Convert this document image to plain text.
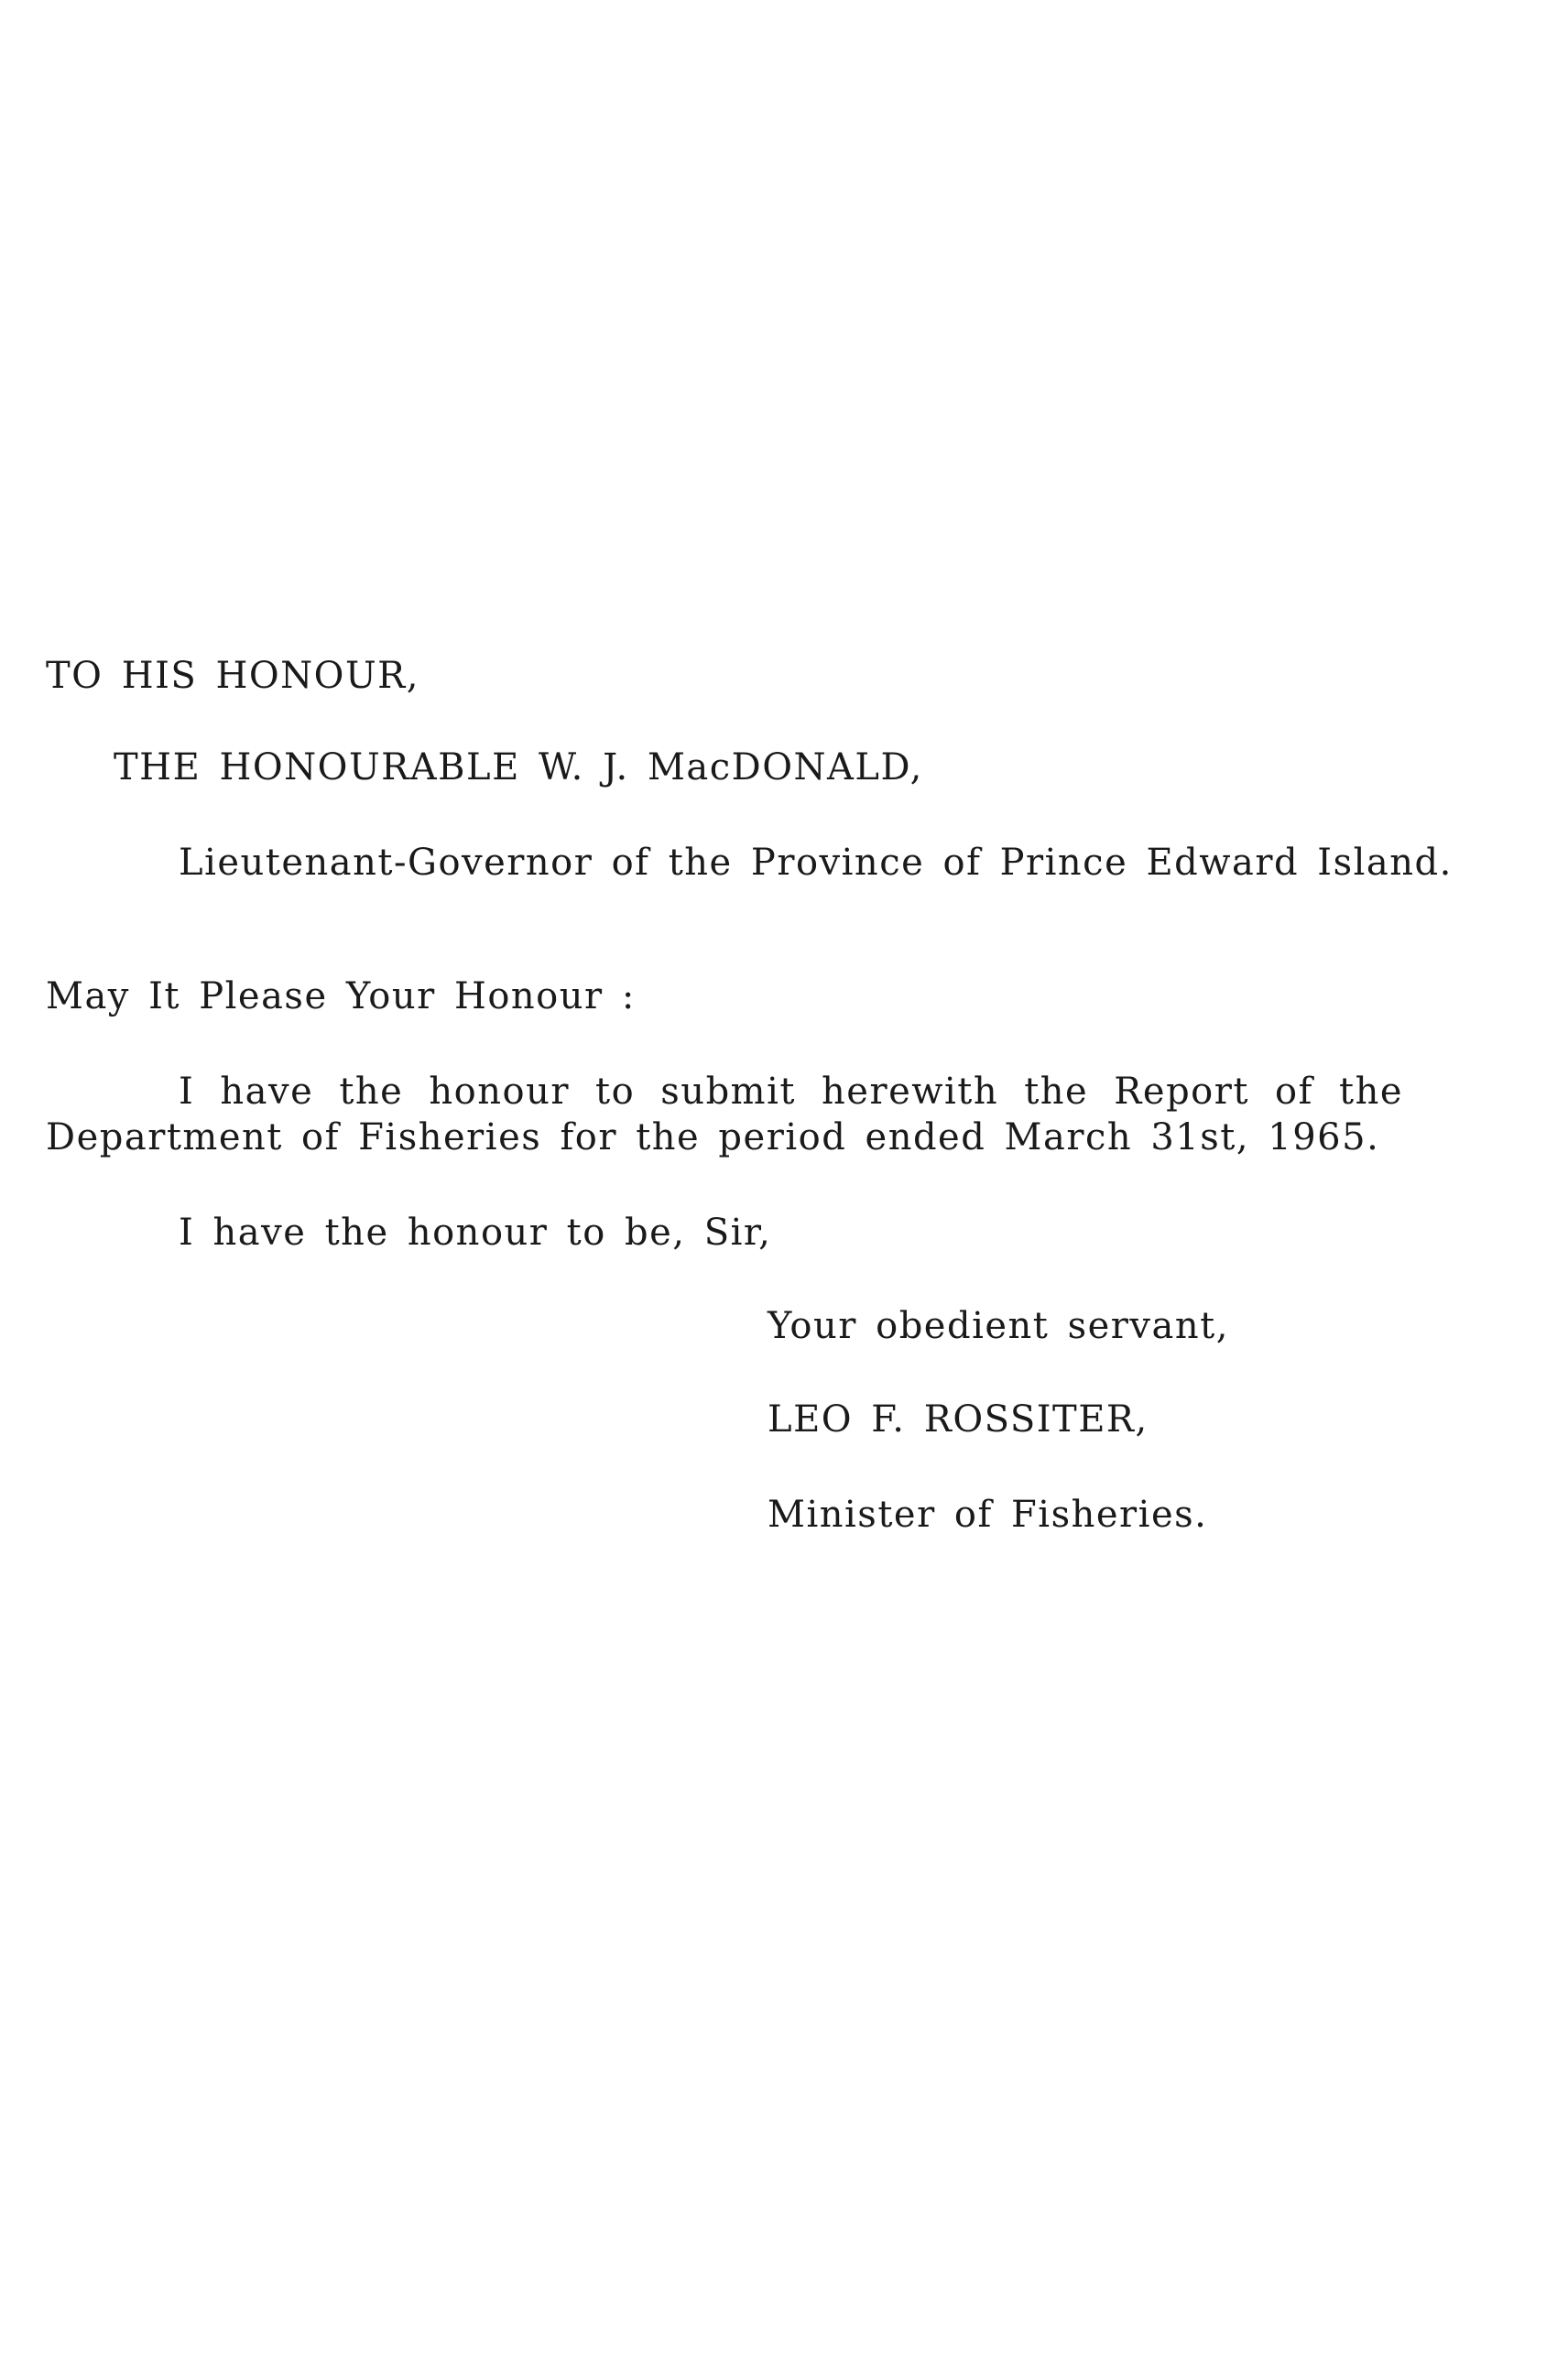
TO HIS HONOUR,
THE HONOURABLE W. J. MacDONALD,
Lieutenant-Governor of the Province of Prince Edward Island.
May It Please Your Honour :
I have the honour to submit herewith the Report of the
Department of Fisheries for the period ended March 31st, 1965.
I have the honour to be, Sir,
Your obedient servant,
LEO F. ROSSITER,
Minister of Fisheries.
